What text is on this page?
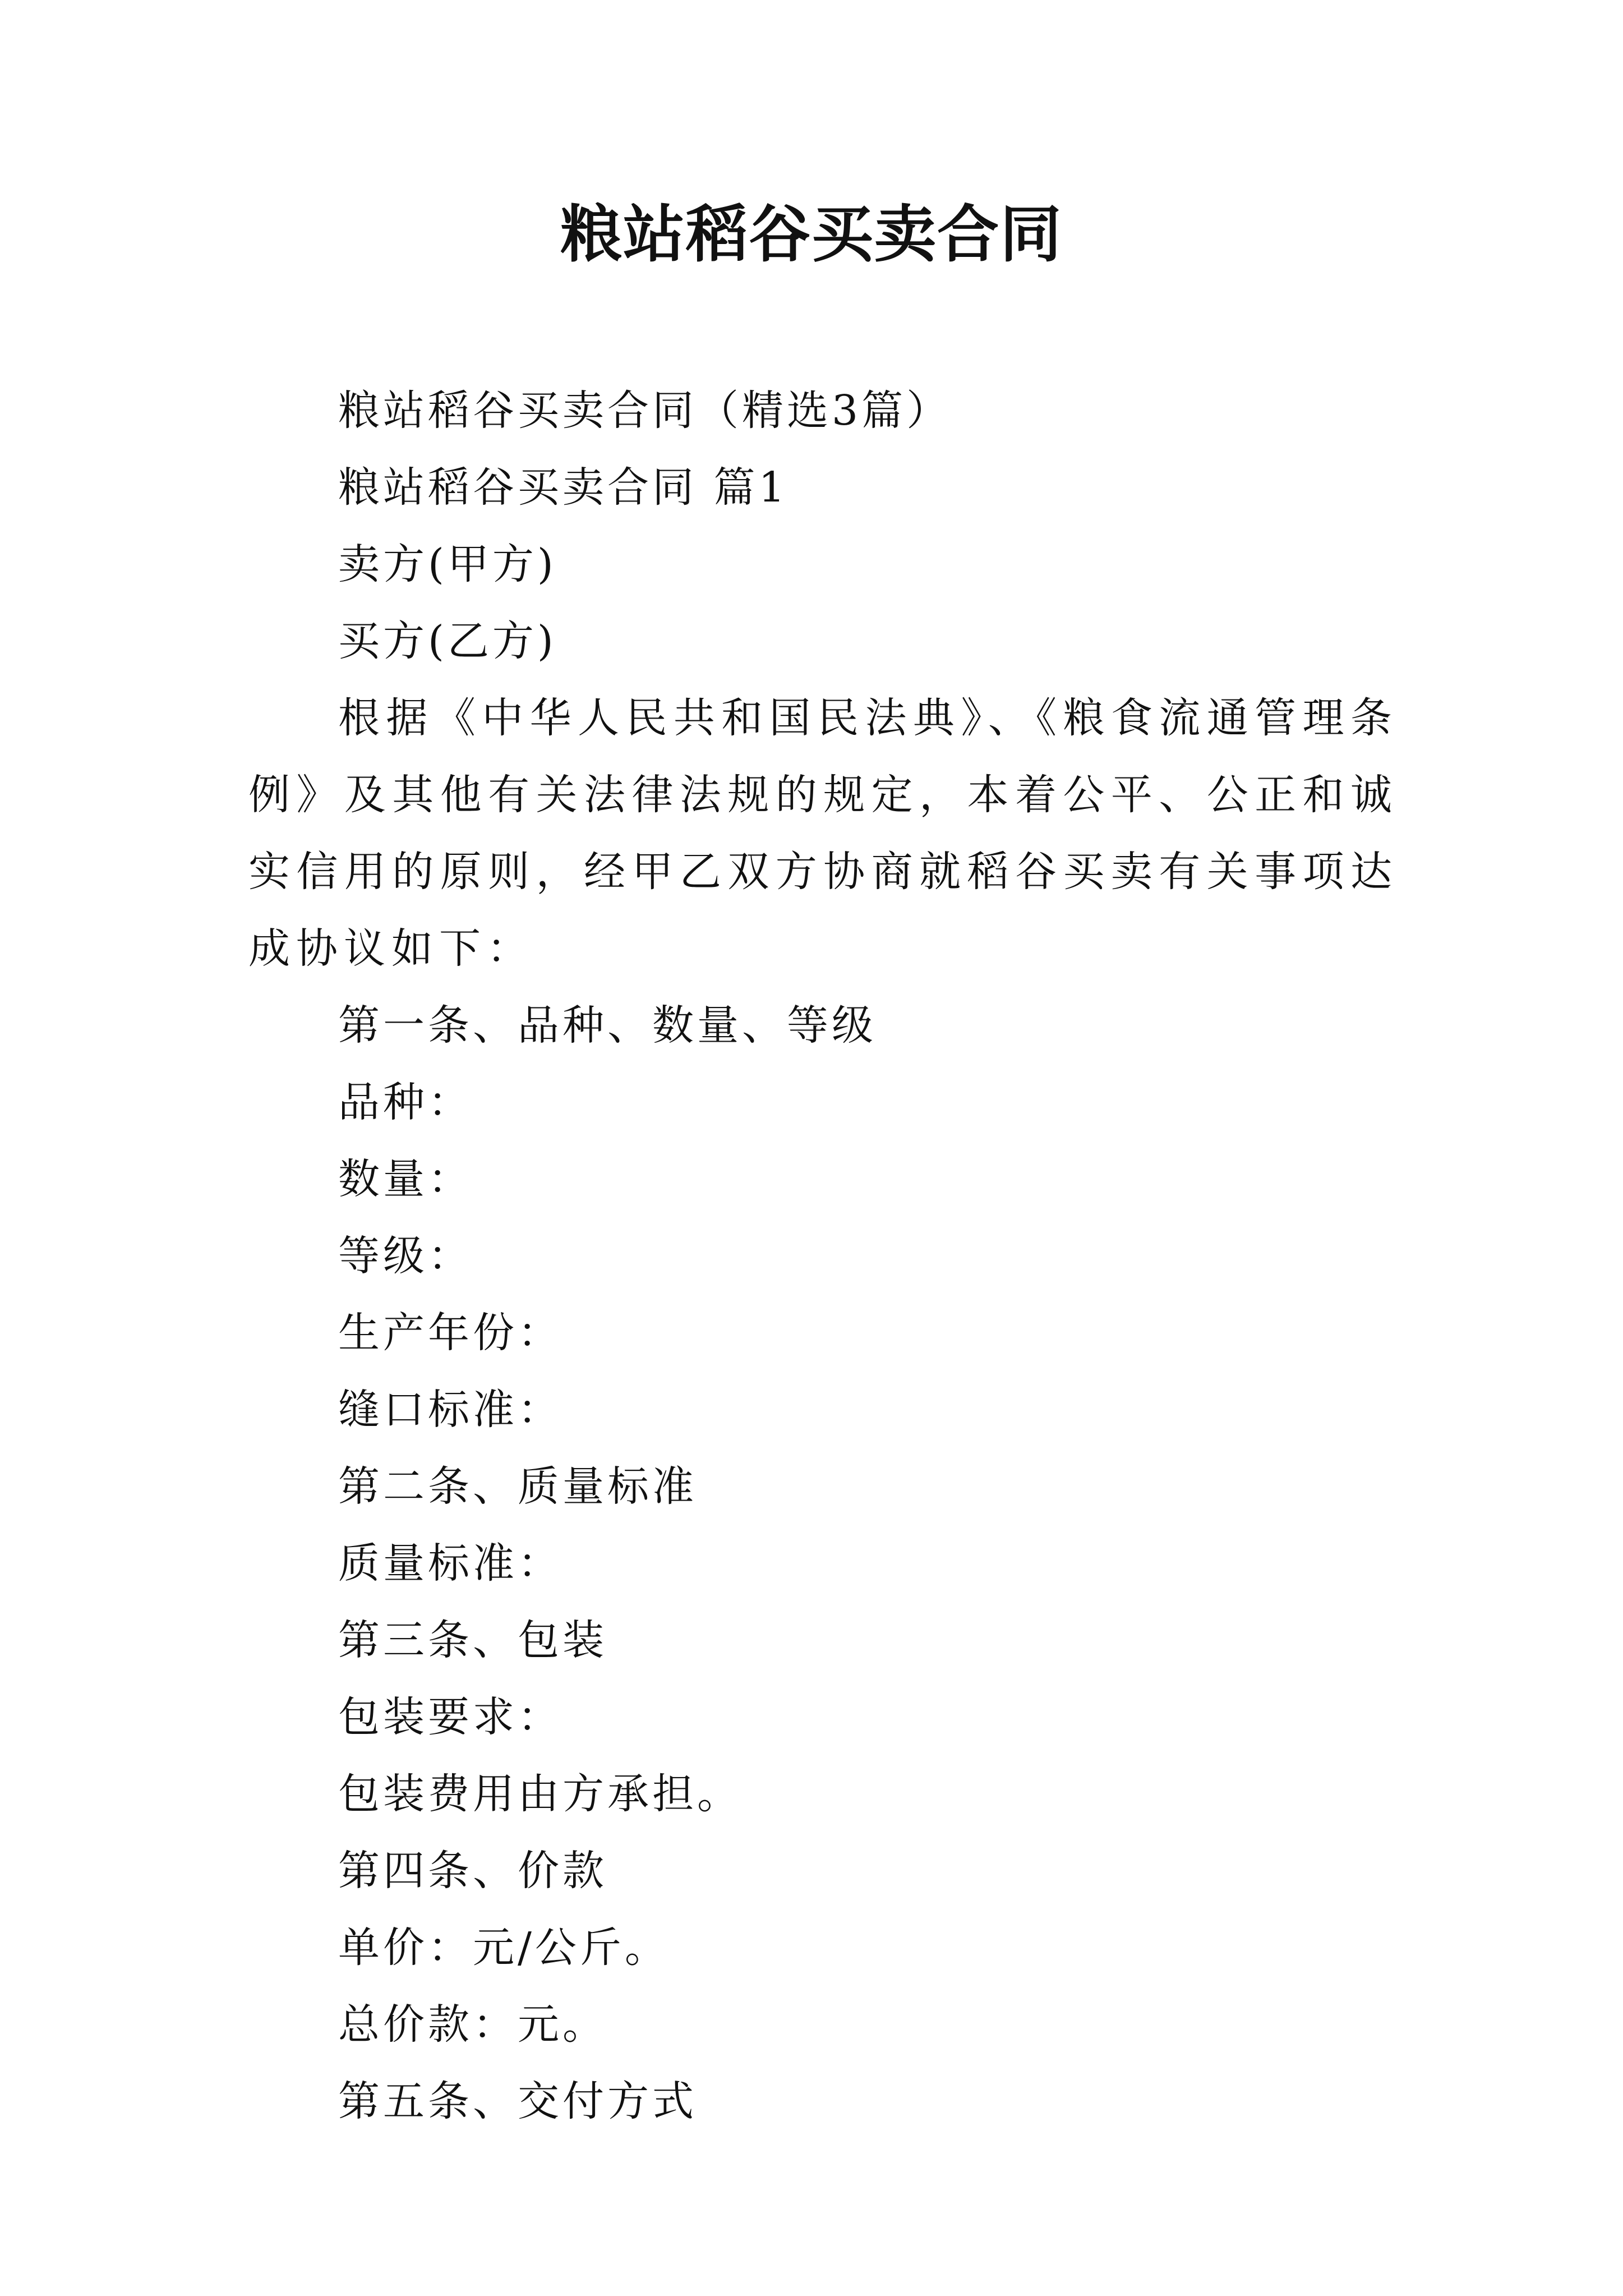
粮站稻谷买卖合同

粮站稻谷买卖合同（精选3篇）

粮站稻谷买卖合同 篇1

卖方(甲方)

买方(乙方)

根据《中华人民共和国民法典》、《粮食流通管理条例》及其他有关法律法规的规定，本着公平、公正和诚实信用的原则，经甲乙双方协商就稻谷买卖有关事项达成协议如下：

第一条、品种、数量、等级

品种：

数量：

等级：

生产年份：

缝口标准：

第二条、质量标准

质量标准：

第三条、包装

包装要求：

包装费用由方承担。

第四条、价款

单价：元/公斤。

总价款：元。

第五条、交付方式
